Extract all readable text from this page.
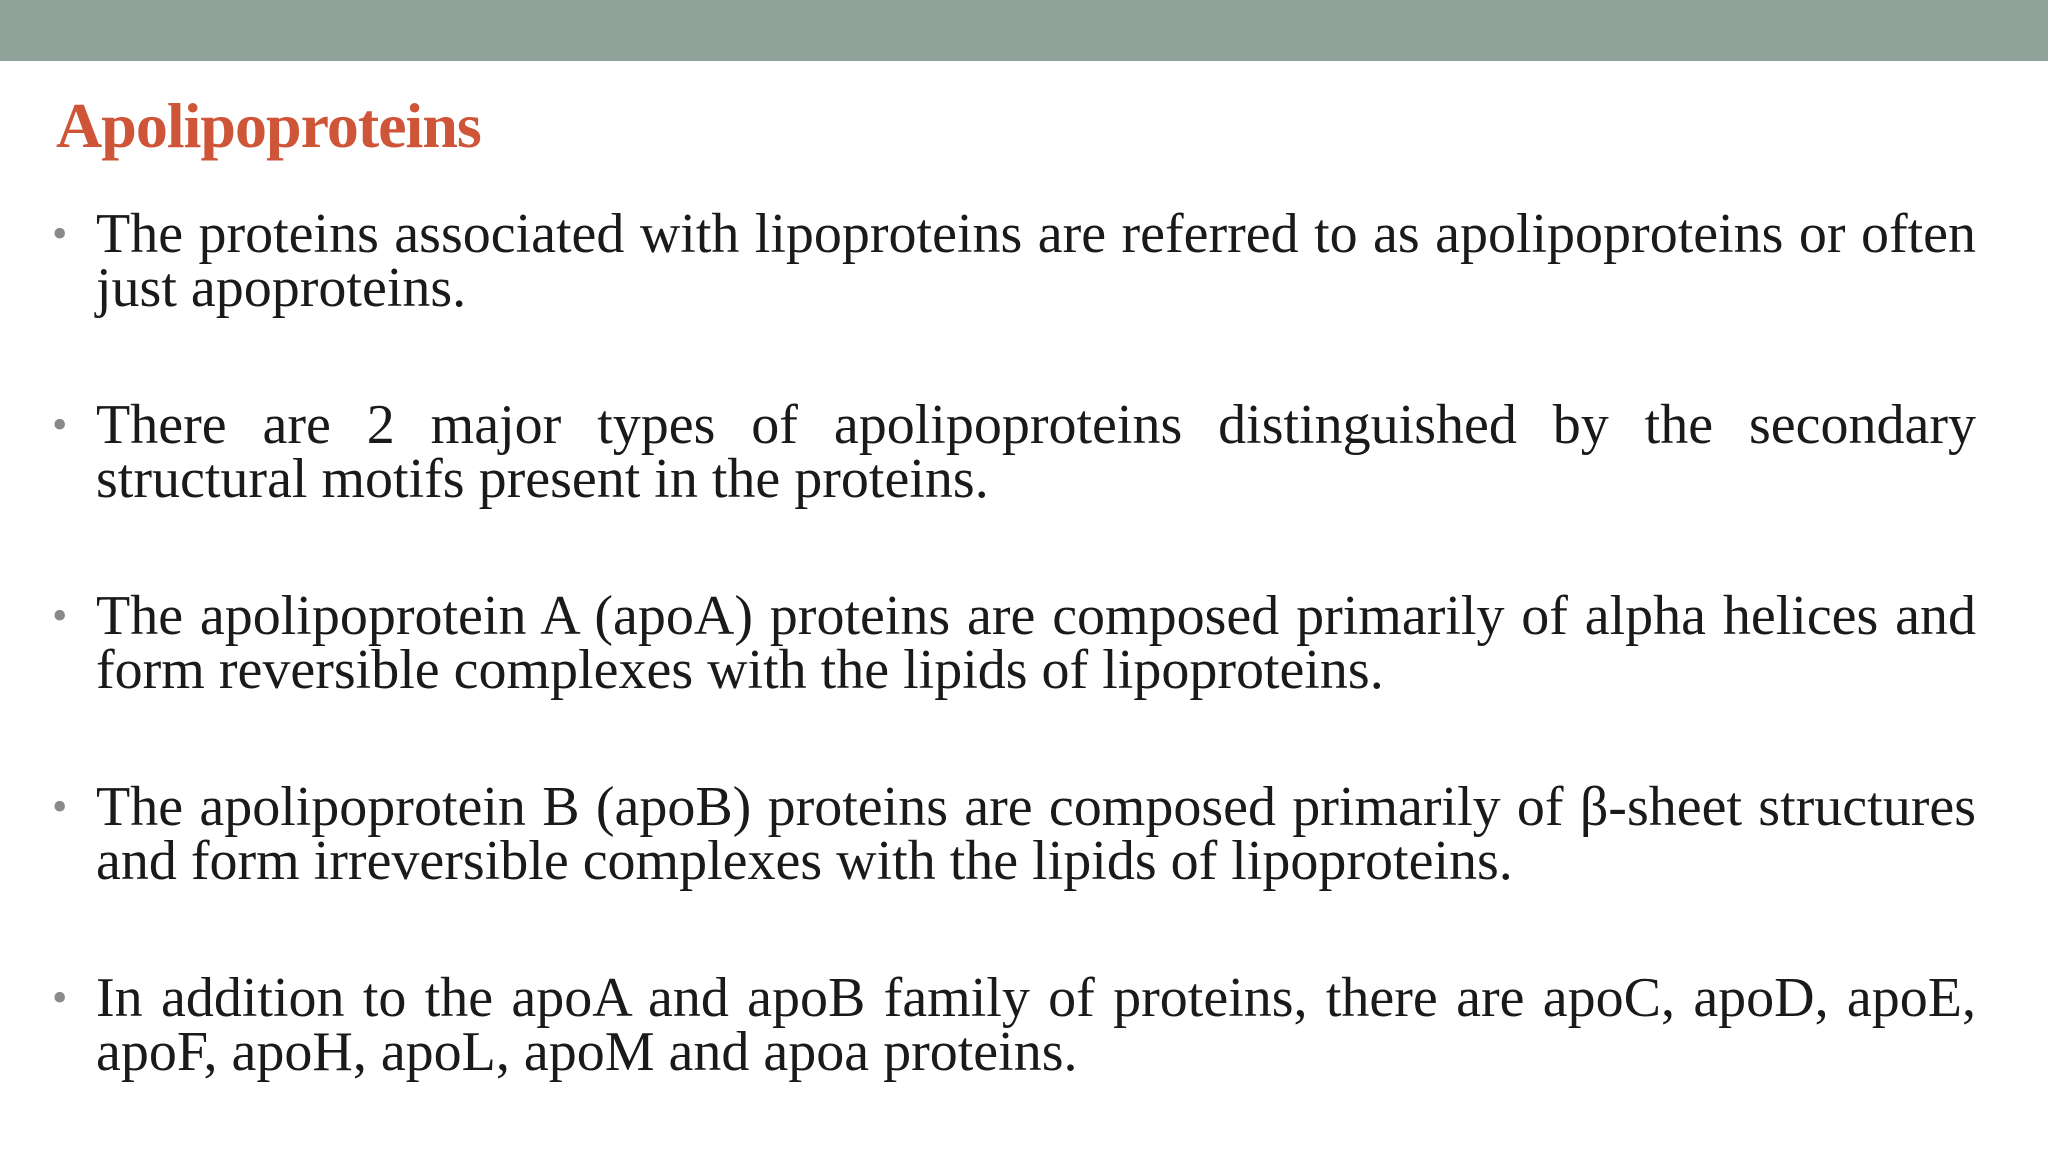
Apolipoproteins
• The proteins associated with lipoproteins are referred to as apolipoproteins or often just apoproteins.
• There are 2 major types of apolipoproteins distinguished by the secondary structural motifs present in the proteins.
• The apolipoprotein A (apoA) proteins are composed primarily of alpha helices and form reversible complexes with the lipids of lipoproteins.
• The apolipoprotein B (apoB) proteins are composed primarily of β-sheet structures and form irreversible complexes with the lipids of lipoproteins.
• In addition to the apoA and apoB family of proteins, there are apoC, apoD, apoE, apoF, apoH, apoL, apoM and apoa proteins.
